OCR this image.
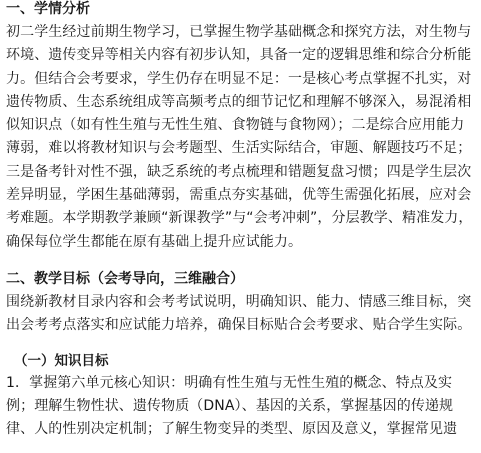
一、学情分析

初二学生经过前期生物学习，已掌握生物学基础概念和探究方法，对生物与环境、遗传变异等相关内容有初步认知，具备一定的逻辑思维和综合分析能力。但结合会考要求，学生仍存在明显不足：一是核心考点掌握不扎实，对遗传物质、生态系统组成等高频考点的细节记忆和理解不够深入，易混淆相似知识点（如有性生殖与无性生殖、食物链与食物网）；二是综合应用能力薄弱，难以将教材知识与会考题型、生活实际结合，审题、解题技巧不足；三是备考针对性不强，缺乏系统的考点梳理和错题复盘习惯；四是学生层次差异明显，学困生基础薄弱，需重点夯实基础，优等生需强化拓展，应对会考难题。本学期教学兼顾“新课教学”与“会考冲刺”，分层教学、精准发力，确保每位学生都能在原有基础上提升应试能力。

二、教学目标（会考导向，三维融合）

围绕新教材目录内容和会考考试说明，明确知识、能力、情感三维目标，突出会考考点落实和应试能力培养，确保目标贴合会考要求、贴合学生实际。

（一）知识目标

1．掌握第六单元核心知识：明确有性生殖与无性生殖的概念、特点及实例；理解生物性状、遗传物质（DNA）、基因的关系，掌握基因的传递规律、人的性别决定机制；了解生物变异的类型、原因及意义，掌握常见遗
